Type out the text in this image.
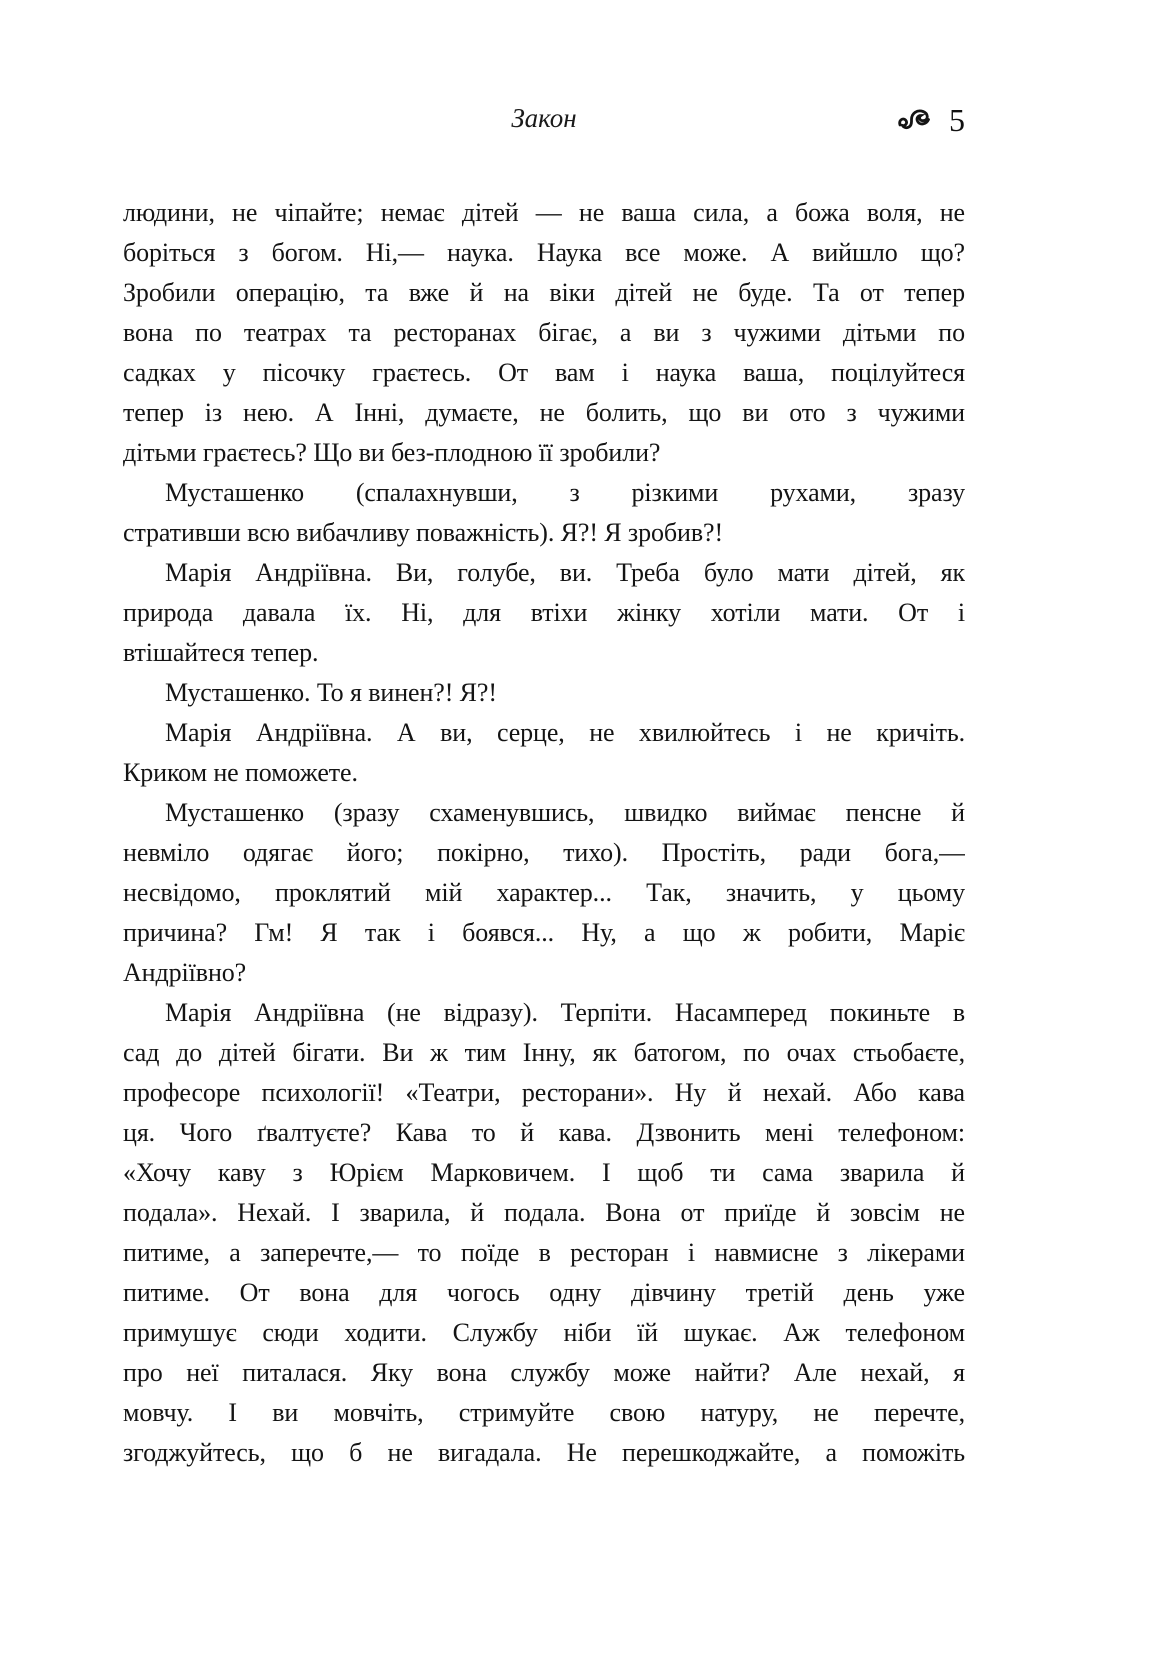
Закон	5
людини, не чіпайте; немає дітей — не ваша сила, а божа воля, не
боріться з богом. Ні,— наука. Наука все може. А вийшло що?
Зробили операцію, та вже й на віки дітей не буде. Та от тепер
вона по театрах та ресторанах бігає, а ви з чужими дітьми по
садках у пісочку граєтесь. От вам і наука ваша, поцілуйтеся
тепер із нею. А Інні, думаєте, не болить, що ви ото з чужими
дітьми граєтесь? Що ви без-плодною її зробили?
Мусташенко (спалахнувши, з різкими рухами, зразу
стративши всю вибачливу поважність). Я?! Я зробив?!
Марія Андріївна. Ви, голубе, ви. Треба було мати дітей, як
природа давала їх. Ні, для втіхи жінку хотіли мати. От і
втішайтеся тепер.
Мусташенко. То я винен?! Я?!
Марія Андріївна. А ви, серце, не хвилюйтесь і не кричіть.
Криком не поможете.
Мусташенко (зразу схаменувшись, швидко виймає пенсне й
невміло одягає його; покірно, тихо). Простіть, ради бога,—
несвідомо, проклятий мій характер... Так, значить, у цьому
причина? Гм! Я так і боявся... Ну, а що ж робити, Маріє
Андріївно?
Марія Андріївна (не відразу). Терпіти. Насамперед покиньте в
сад до дітей бігати. Ви ж тим Інну, як батогом, по очах стьобаєте,
професоре психології! «Театри, ресторани». Ну й нехай. Або кава
ця. Чого ґвалтуєте? Кава то й кава. Дзвонить мені телефоном:
«Хочу каву з Юрієм Марковичем. І щоб ти сама зварила й
подала». Нехай. І зварила, й подала. Вона от приїде й зовсім не
питиме, а заперечте,— то поїде в ресторан і навмисне з лікерами
питиме. От вона для чогось одну дівчину третій день уже
примушує сюди ходити. Службу ніби їй шукає. Аж телефоном
про неї питалася. Яку вона службу може найти? Але нехай, я
мовчу. І ви мовчіть, стримуйте свою натуру, не перечте,
згоджуйтесь, що б не вигадала. Не перешкоджайте, а поможіть
